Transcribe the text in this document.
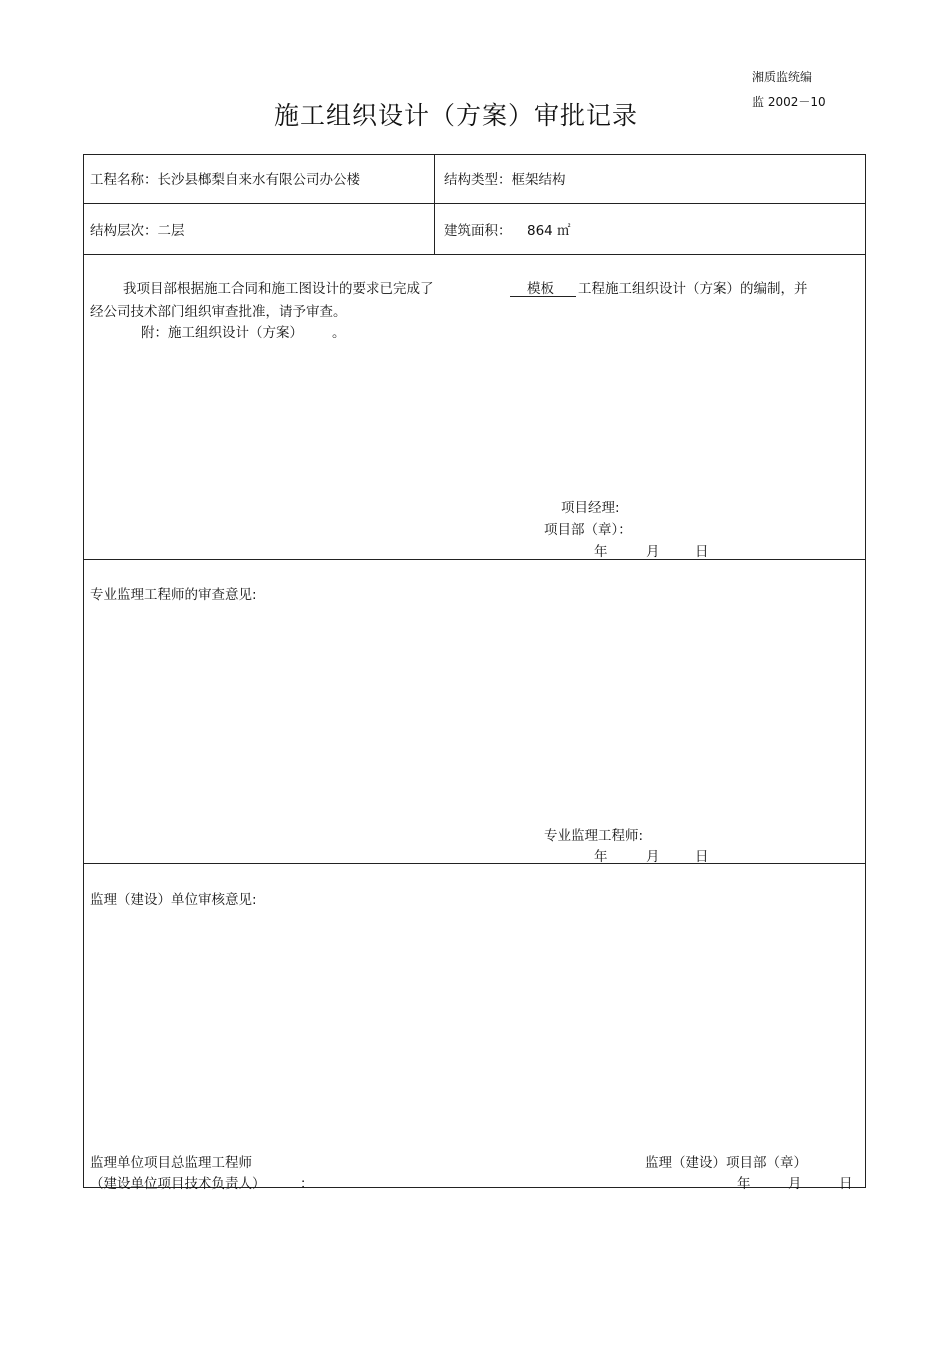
湘质监统编
监 2002－10
施工组织设计（方案）审批记录
工程名称：长沙县榔梨自来水有限公司办公楼	结构类型：框架结构
结构层次：二层	建筑面积： 864 ㎡
我项目部根据施工合同和施工图设计的要求已完成了	模板 工程施工组织设计（方案）的编制，并
经公司技术部门组织审查批准，请予审查。
附：施工组织设计（方案） 。
项目经理:
项目部（章）：
年	月	日
专业监理工程师的审查意见:
专业监理工程师:
年	月	日
监理（建设）单位审核意见:
监理单位项目总监理工程师
（建设单位项目技术负责人）	：
监理（建设）项目部（章）
年	月	日
